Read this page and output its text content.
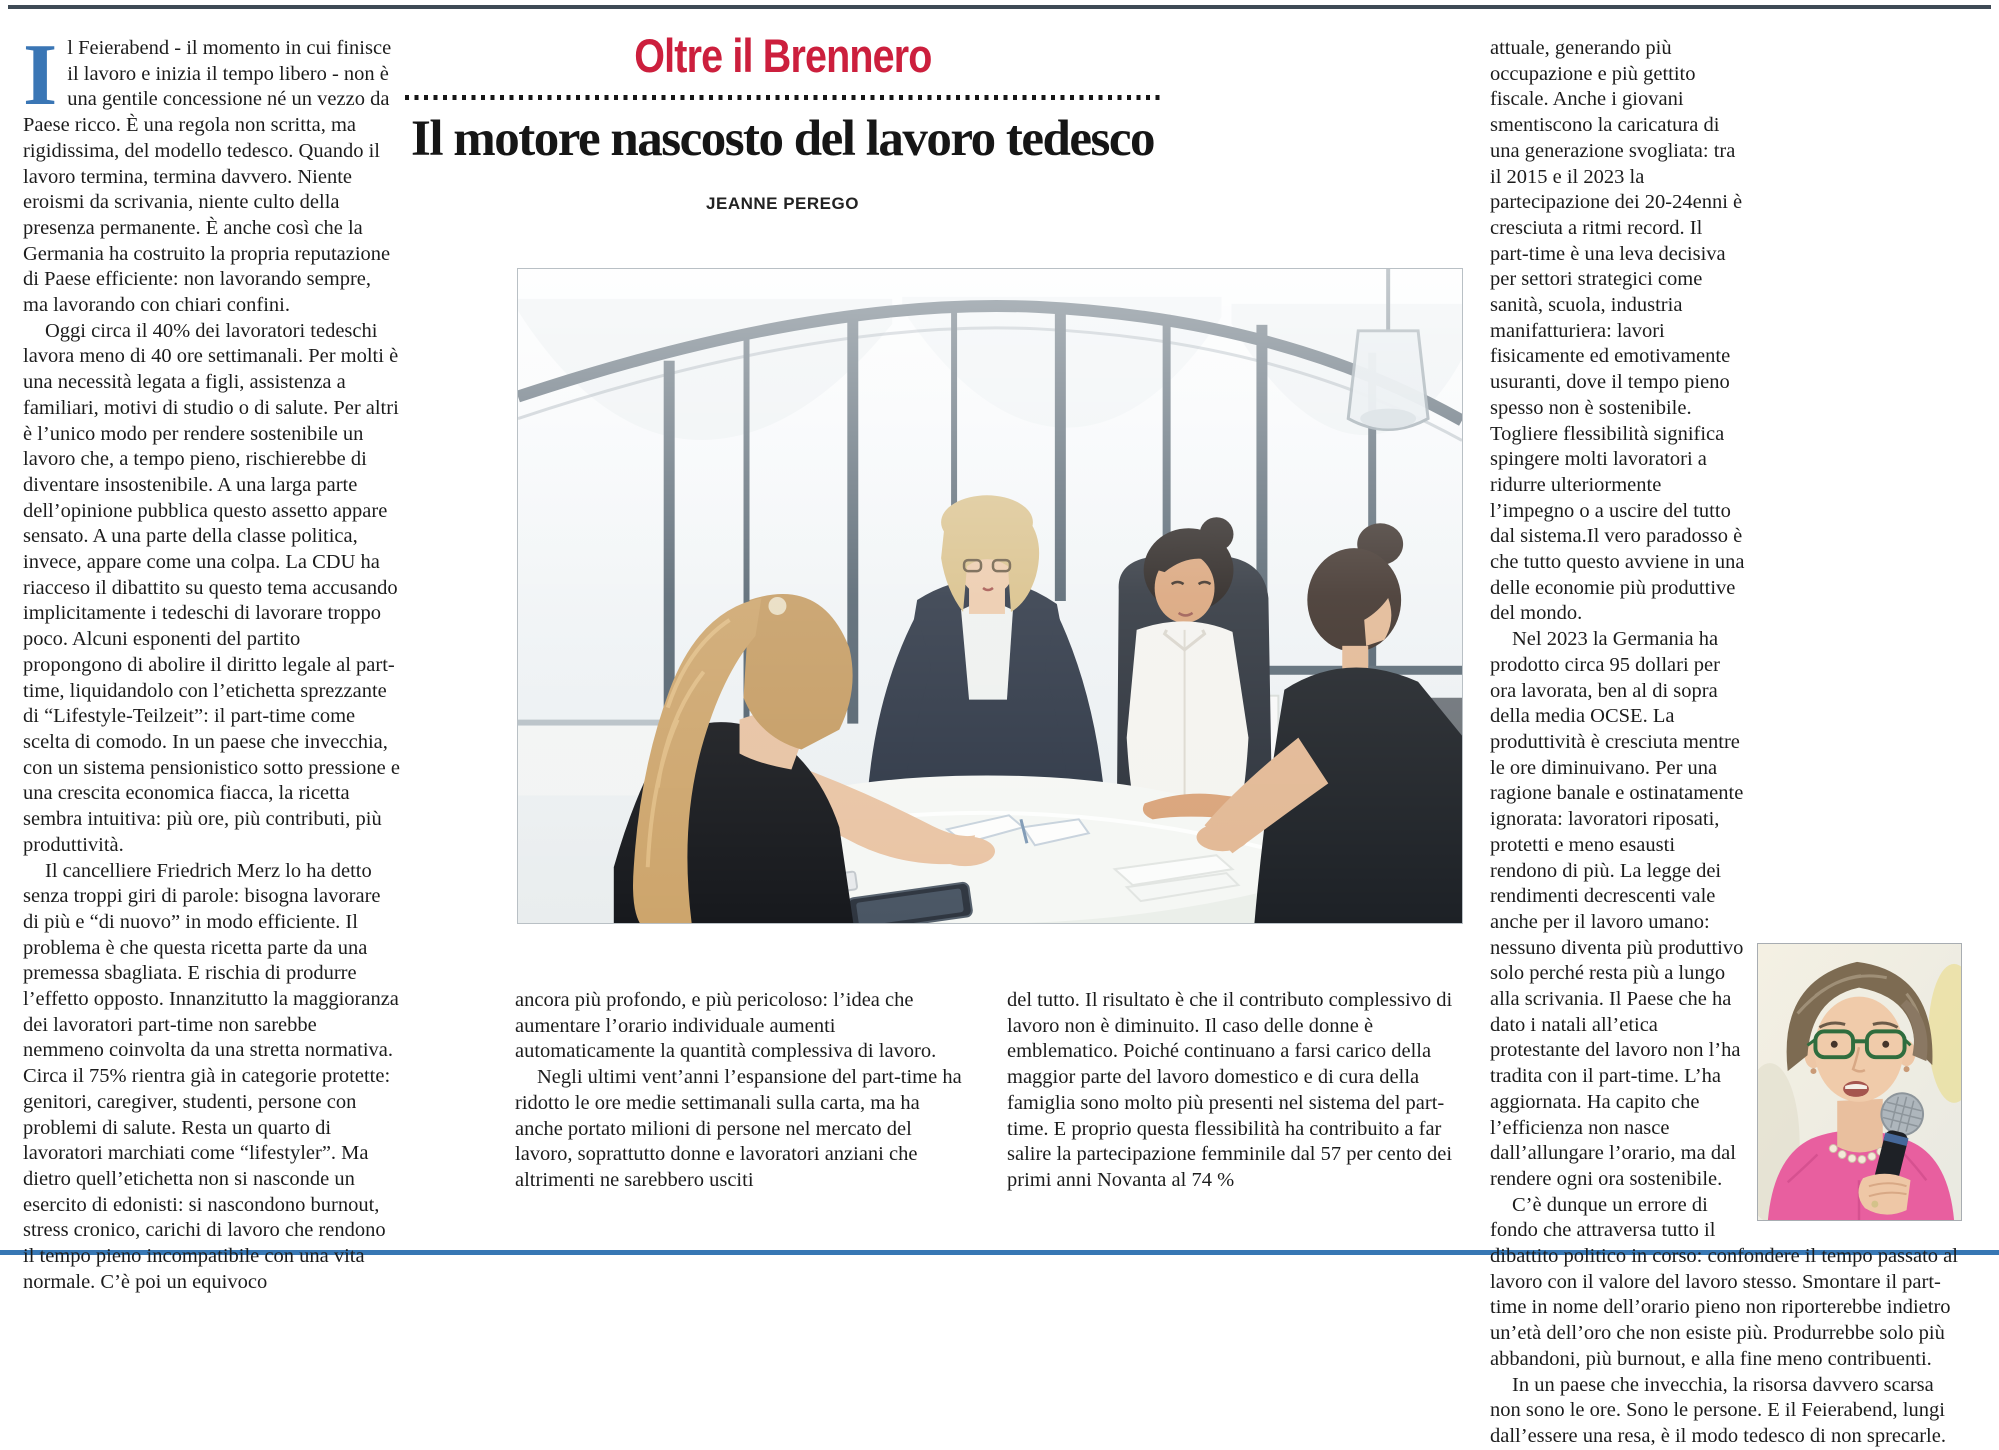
Il Feierabend - il momento in cui finisce il lavoro e inizia il tempo libero - non è una gentile concessione né un vezzo da Paese ricco. È una regola non scritta, ma rigidissima, del modello tedesco. Quando il lavoro termina, termina davvero. Niente eroismi da scrivania, niente culto della presenza permanente. È anche così che la Germania ha costruito la propria reputazione di Paese efficiente: non lavorando sempre, ma lavorando con chiari confini.

Oggi circa il 40% dei lavoratori tedeschi lavora meno di 40 ore settimanali. Per molti è una necessità legata a figli, assistenza a familiari, motivi di studio o di salute. Per altri è l’unico modo per rendere sostenibile un lavoro che, a tempo pieno, rischierebbe di diventare insostenibile. A una larga parte dell’opinione pubblica questo assetto appare sensato. A una parte della classe politica, invece, appare come una colpa. La CDU ha riacceso il dibattito su questo tema accusando implicitamente i tedeschi di lavorare troppo poco. Alcuni esponenti del partito propongono di abolire il diritto legale al part-time, liquidandolo con l’etichetta sprezzante di “Lifestyle-Teilzeit”: il part-time come scelta di comodo. In un paese che invecchia, con un sistema pensionistico sotto pressione e una crescita economica fiacca, la ricetta sembra intuitiva: più ore, più contributi, più produttività.

Il cancelliere Friedrich Merz lo ha detto senza troppi giri di parole: bisogna lavorare di più e “di nuovo” in modo efficiente. Il problema è che questa ricetta parte da una premessa sbagliata. E rischia di produrre l’effetto opposto. Innanzitutto la maggioranza dei lavoratori part-time non sarebbe nemmeno coinvolta da una stretta normativa. Circa il 75% rientra già in categorie protette: genitori, caregiver, studenti, persone con problemi di salute. Resta un quarto di lavoratori marchiati come “lifestyler”. Ma dietro quell’etichetta non si nasconde un esercito di edonisti: si nascondono burnout, stress cronico, carichi di lavoro che rendono il tempo pieno incompatibile con una vita normale. C’è poi un equivoco

Oltre il Brennero
Il motore nascosto del lavoro tedesco
JEANNE PEREGO

ancora più profondo, e più pericoloso: l’idea che aumentare l’orario individuale aumenti automaticamente la quantità complessiva di lavoro.

Negli ultimi vent’anni l’espansione del part-time ha ridotto le ore medie settimanali sulla carta, ma ha anche portato milioni di persone nel mercato del lavoro, soprattutto donne e lavoratori anziani che altrimenti ne sarebbero usciti

del tutto. Il risultato è che il contributo complessivo di lavoro non è diminuito. Il caso delle donne è emblematico. Poiché continuano a farsi carico della maggior parte del lavoro domestico e di cura della famiglia sono molto più presenti nel sistema del part-time. E proprio questa flessibilità ha contribuito a far salire la partecipazione femminile dal 57 per cento dei primi anni Novanta al 74 %

attuale, generando più occupazione e più gettito fiscale. Anche i giovani smentiscono la caricatura di una generazione svogliata: tra il 2015 e il 2023 la partecipazione dei 20-24enni è cresciuta a ritmi record. Il part-time è una leva decisiva per settori strategici come sanità, scuola, industria manifatturiera: lavori fisicamente ed emotivamente usuranti, dove il tempo pieno spesso non è sostenibile. Togliere flessibilità significa spingere molti lavoratori a ridurre ulteriormente l’impegno o a uscire del tutto dal sistema.Il vero paradosso è che tutto questo avviene in una delle economie più produttive del mondo.

Nel 2023 la Germania ha prodotto circa 95 dollari per ora lavorata, ben al di sopra della media OCSE. La produttività è cresciuta mentre le ore diminuivano. Per una ragione banale e ostinatamente ignorata: lavoratori riposati, protetti e meno esausti rendono di più. La legge dei rendimenti decrescenti vale anche per il lavoro umano: nessuno diventa più produttivo solo perché resta più a lungo alla scrivania. Il Paese che ha dato i natali all’etica protestante del lavoro non l’ha tradita con il part-time. L’ha aggiornata. Ha capito che l’efficienza non nasce dall’allungare l’orario, ma dal rendere ogni ora sostenibile.

C’è dunque un errore di fondo che attraversa tutto il dibattito politico in corso: confondere il tempo passato al lavoro con il valore del lavoro stesso. Smontare il part-time in nome dell’orario pieno non riporterebbe indietro un’età dell’oro che non esiste più. Produrrebbe solo più abbandoni, più burnout, e alla fine meno contribuenti.

In un paese che invecchia, la risorsa davvero scarsa non sono le ore. Sono le persone. E il Feierabend, lungi dall’essere una resa, è il modo tedesco di non sprecarle.
